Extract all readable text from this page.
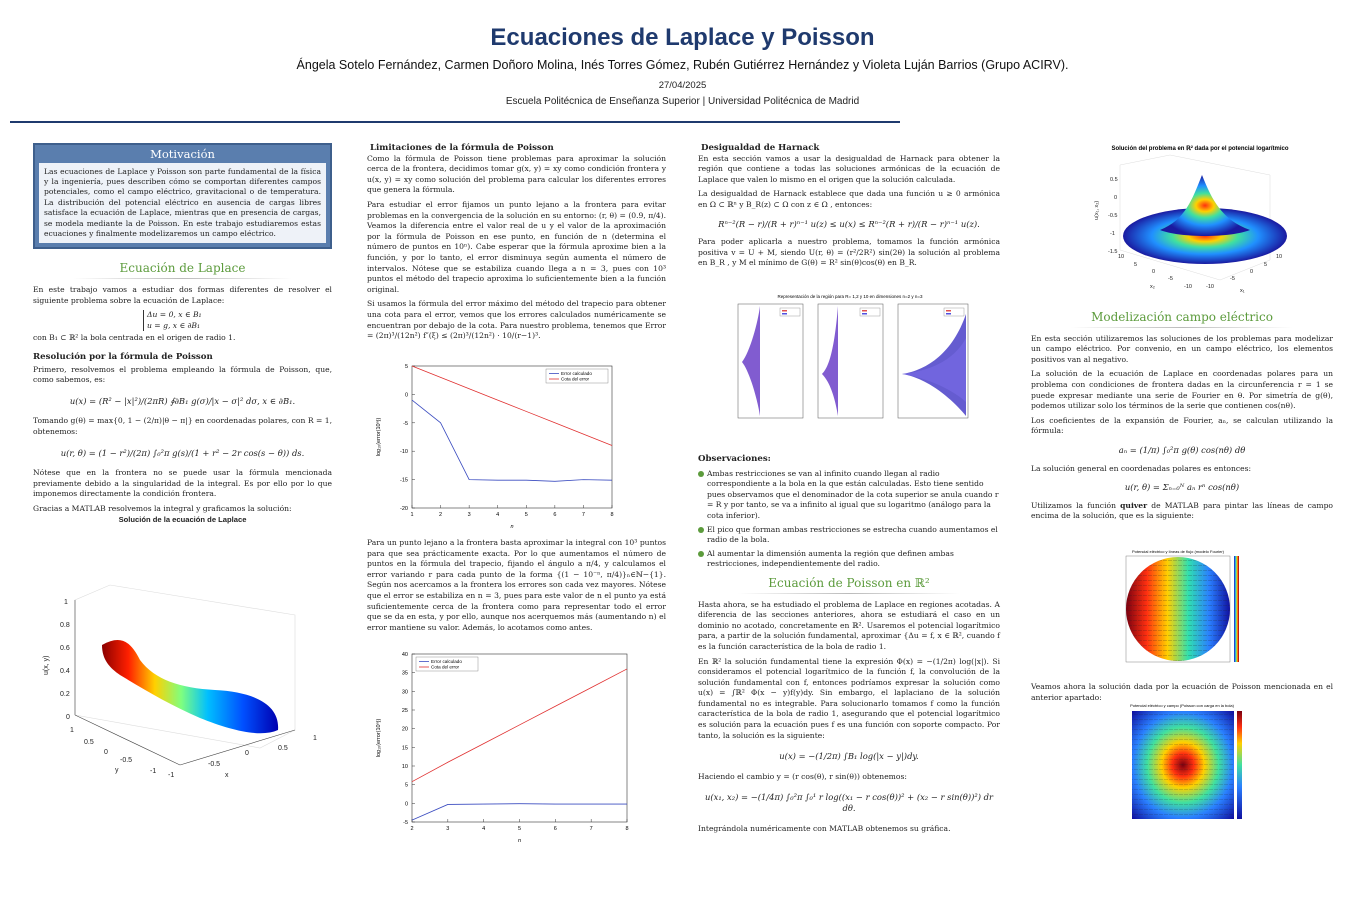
Ecuaciones de Laplace y Poisson
Ángela Sotelo Fernández, Carmen Doñoro Molina, Inés Torres Gómez, Rubén Gutiérrez Hernández y Violeta Luján Barrios (Grupo ACIRV).
27/04/2025
Escuela Politécnica de Enseñanza Superior | Universidad Politécnica de Madrid
Motivación
Las ecuaciones de Laplace y Poisson son parte fundamental de la física y la ingeniería, pues describen cómo se comportan diferentes campos potenciales, como el campo eléctrico, gravitacional o de temperatura. La distribución del potencial eléctrico en ausencia de cargas libres satisface la ecuación de Laplace, mientras que en presencia de cargas, se modela mediante la de Poisson. En este trabajo estudiaremos estas ecuaciones y finalmente modelizaremos un campo eléctrico.
Ecuación de Laplace

En este trabajo vamos a estudiar dos formas diferentes de resolver el siguiente problema sobre la ecuación de Laplace:

Δu = 0, x ∈ B₁
u = g, x ∈ ∂B₁

con B₁ ⊂ ℝ² la bola centrada en el origen de radio 1.

Resolución por la fórmula de Poisson

Primero, resolvemos el problema empleando la fórmula de Poisson, que, como sabemos, es:

u(x) = (R² − |x|²)/(2πR) ∮∂B₁ g(σ)/|x − σ|² dσ, x ∈ ∂B₁.

Tomando g(θ) = max{0, 1 − (2/π)|θ − π|} en coordenadas polares, con R = 1, obtenemos:

u(r, θ) = (1 − r²)/(2π) ∫₀²π g(s)/(1 + r² − 2r cos(s − θ)) ds.

Nótese que en la frontera no se puede usar la fórmula mencionada previamente debido a la singularidad de la integral. Es por ello por lo que imponemos directamente la condición frontera.

Gracias a MATLAB resolvemos la integral y graficamos la solución:

Solución de la ecuación de Laplace
1
0.8
0.6
0.4
0.2
0
1
0.5
0
-0.5
-1
-1
-0.5
0
0.5
1
y
x
u(x, y)
Limitaciones de la fórmula de Poisson

Como la fórmula de Poisson tiene problemas para aproximar la solución cerca de la frontera, decidimos tomar g(x, y) = xy como condición frontera y u(x, y) = xy como solución del problema para calcular los diferentes errores que genera la fórmula.

Para estudiar el error fijamos un punto lejano a la frontera para evitar problemas en la convergencia de la solución en su entorno: (r, θ) = (0.9, π/4). Veamos la diferencia entre el valor real de u y el valor de la aproximación por la fórmula de Poisson en ese punto, en función de n (determina el número de puntos en 10ⁿ). Cabe esperar que la fórmula aproxime bien a la función, y por lo tanto, el error disminuya según aumenta el número de intervalos. Nótese que se estabiliza cuando llega a n = 3, pues con 10³ puntos el método del trapecio aproxima lo suficientemente bien a la función original.

Si usamos la fórmula del error máximo del método del trapecio para obtener una cota para el error, vemos que los errores calculados numéricamente se encuentran por debajo de la cota. Para nuestro problema, tenemos que Error = (2π)³/(12n²) f″(ξ) ≤ (2π)³/(12n²) · 10/(r−1)³.

1	2	3	4	5	6	7	8
-20
-15
-10
-5
0
5
n
log₁₀(error(10ⁿ))
Error calculado
Cota del error

Para un punto lejano a la frontera basta aproximar la integral con 10³ puntos para que sea prácticamente exacta. Por lo que aumentamos el número de puntos en la fórmula del trapecio, fijando el ángulo a π/4, y calculamos el error variando r para cada punto de la forma {(1 − 10⁻ⁿ, π/4)}ₙ∈ℕ−{1}. Según nos acercamos a la frontera los errores son cada vez mayores. Nótese que el error se estabiliza en n = 3, pues para este valor de n el punto ya está suficientemente cerca de la frontera como para representar todo el error que se da en esta, y por ello, aunque nos acerquemos más (aumentando n) el error mantiene su valor. Además, lo acotamos como antes.

2	3	4	5	6	7	8
-5
0
5
10
15
20
25
30
35
40
n
log₁₀(error(10ⁿ))
Error calculado
Cota del error
Desigualdad de Harnack

En esta sección vamos a usar la desigualdad de Harnack para obtener la región que contiene a todas las soluciones armónicas de la ecuación de Laplace que valen lo mismo en el origen que la solución calculada.

La desigualdad de Harnack establece que dada una función u ≥ 0 armónica en Ω ⊂ ℝⁿ y B_R(z) ⊂ Ω con z ∈ Ω , entonces:

Rⁿ⁻²(R − r)/(R + r)ⁿ⁻¹ u(z) ≤ u(x) ≤ Rⁿ⁻²(R + r)/(R − r)ⁿ⁻¹ u(z).

Para poder aplicarla a nuestro problema, tomamos la función armónica positiva v = U + M, siendo U(r, θ) = (r²/2R²) sin(2θ) la solución al problema en B_R , y M el mínimo de G(θ) = R² sin(θ)cos(θ) en B_R.

Representación de la región para R= 1,2 y 10 en dimensiones n=2 y n=3
Observaciones:
Ambas restricciones se van al infinito cuando llegan al radio correspondiente a la bola en la que están calculadas. Esto tiene sentido pues observamos que el denominador de la cota superior se anula cuando r = R y por tanto, se va a infinito al igual que su logaritmo (análogo para la cota inferior).
El pico que forman ambas restricciones se estrecha cuando aumentamos el radio de la bola.
Al aumentar la dimensión aumenta la región que definen ambas restricciones, independientemente del radio.
Ecuación de Poisson en ℝ²

Hasta ahora, se ha estudiado el problema de Laplace en regiones acotadas. A diferencia de las secciones anteriores, ahora se estudiará el caso en un dominio no acotado, concretamente en ℝ². Usaremos el potencial logarítmico para, a partir de la solución fundamental, aproximar {Δu = f, x ∈ ℝ², cuando f es la función característica de la bola de radio 1.

En ℝ² la solución fundamental tiene la expresión Φ(x) = −(1/2π) log(|x|). Si consideramos el potencial logarítmico de la función f, la convolución de la solución fundamental con f, entonces podríamos expresar la solución como u(x) = ∫ℝ² Φ(x − y)f(y)dy. Sin embargo, el laplaciano de la solución fundamental no es integrable. Para solucionarlo tomamos f como la función característica de la bola de radio 1, asegurando que el potencial logarítmico es solución para la ecuación pues f es una función con soporte compacto. Por tanto, la solución es la siguiente:

u(x) = −(1/2π) ∫B₁ log(|x − y|)dy.

Haciendo el cambio y = (r cos(θ), r sin(θ)) obtenemos:

u(x₁, x₂) = −(1/4π) ∫₀²π ∫₀¹ r log((x₁ − r cos(θ))² + (x₂ − r sin(θ))²) dr dθ.

Integrándola numéricamente con MATLAB obtenemos su gráfica.

Solución del problema en ℝ² dada por el potencial logarítmico
0.5
0
-0.5
-1
-1.5
10
5
0
-5
-10	-10
-5
0
5
10
u(x₁, x₂)
x₂
x₁
Modelización campo eléctrico

En esta sección utilizaremos las soluciones de los problemas para modelizar un campo eléctrico. Por convenio, en un campo eléctrico, los elementos positivos van al negativo.

La solución de la ecuación de Laplace en coordenadas polares para un problema con condiciones de frontera dadas en la circunferencia r = 1 se puede expresar mediante una serie de Fourier en θ. Por simetría de g(θ), podemos utilizar solo los términos de la serie que contienen cos(nθ).

Los coeficientes de la expansión de Fourier, aₙ, se calculan utilizando la fórmula:

aₙ = (1/π) ∫₀²π g(θ) cos(nθ) dθ

La solución general en coordenadas polares es entonces:

u(r, θ) = Σₙ₌₀ᴺ aₙ rⁿ cos(nθ)

Utilizamos la función quiver de MATLAB para pintar las líneas de campo encima de la solución, que es la siguiente:

Potencial eléctrico y líneas de flujo (modelo Fourier)

Veamos ahora la solución dada por la ecuación de Poisson mencionada en el anterior apartado:

Potencial eléctrico y campo (Poisson con carga en la bola)
